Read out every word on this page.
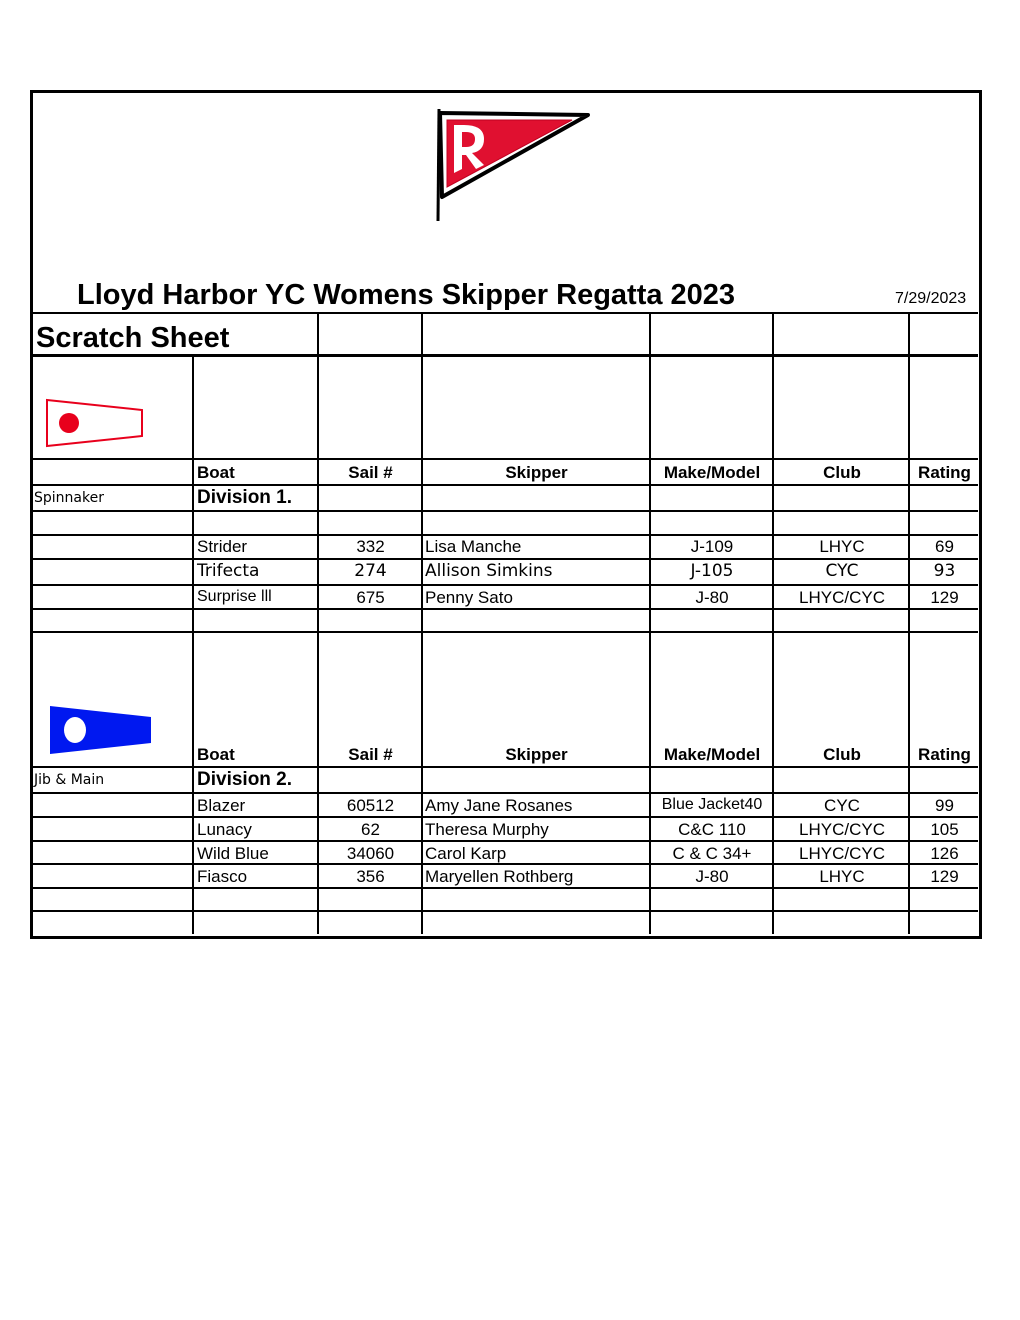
Lloyd Harbor YC Womens Skipper Regatta 2023	7/29/2023
Scratch Sheet
Boat	Sail #	Skipper	Make/Model	Club	Rating
Spinnaker	Division 1.
Strider	332	Lisa Manche	J-109	LHYC	69
Trifecta	274	Allison Simkins	J-105	CYC	93
Surprise lll	675	Penny Sato	J-80	LHYC/CYC	129
Boat	Sail #	Skipper	Make/Model	Club	Rating
Jib & Main	Division 2.
Blazer	60512	Amy Jane Rosanes	Blue Jacket40	CYC	99
Lunacy	62	Theresa Murphy	C&C 110	LHYC/CYC	105
Wild Blue	34060	Carol Karp	C & C 34+	LHYC/CYC	126
Fiasco	356	Maryellen Rothberg	J-80	LHYC	129
